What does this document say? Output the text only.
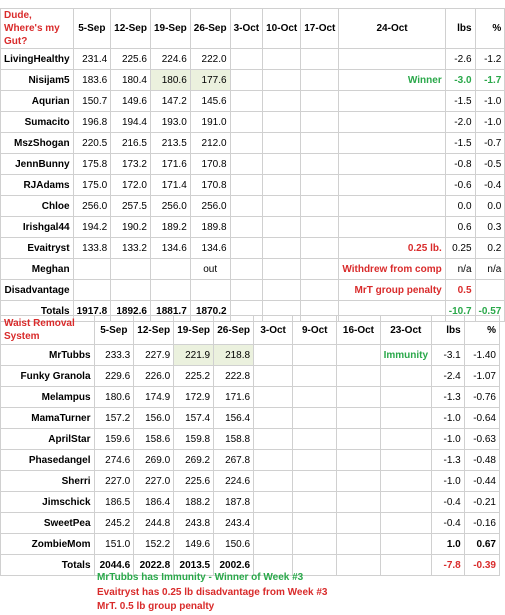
Dude, Where's my Gut?	5-Sep	12-Sep	19-Sep	26-Sep	3-Oct	10-Oct	17-Oct	24-Oct	lbs	%
LivingHealthy	231.4	225.6	224.6	222.0					-2.6	-1.2
Nisijam5	183.6	180.4	180.6	177.6				Winner	-3.0	-1.7
Aqurian	150.7	149.6	147.2	145.6					-1.5	-1.0
Sumacito	196.8	194.4	193.0	191.0					-2.0	-1.0
MszShogan	220.5	216.5	213.5	212.0					-1.5	-0.7
JennBunny	175.8	173.2	171.6	170.8					-0.8	-0.5
RJAdams	175.0	172.0	171.4	170.8					-0.6	-0.4
Chloe	256.0	257.5	256.0	256.0					0.0	0.0
Irishgal44	194.2	190.2	189.2	189.8					0.6	0.3
Evaitryst	133.8	133.2	134.6	134.6				0.25 lb.	0.25	0.2
Meghan				out				Withdrew from comp	n/a	n/a
Disadvantage								MrT group penalty	0.5	
Totals	1917.8	1892.6	1881.7	1870.2					-10.7	-0.57
Waist Removal System	5-Sep	12-Sep	19-Sep	26-Sep	3-Oct	9-Oct	16-Oct	23-Oct	lbs	%
MrTubbs	233.3	227.9	221.9	218.8				Immunity	-3.1	-1.40
Funky Granola	229.6	226.0	225.2	222.8					-2.4	-1.07
Melampus	180.6	174.9	172.9	171.6					-1.3	-0.76
MamaTurner	157.2	156.0	157.4	156.4					-1.0	-0.64
AprilStar	159.6	158.6	159.8	158.8					-1.0	-0.63
Phasedangel	274.6	269.0	269.2	267.8					-1.3	-0.48
Sherri	227.0	227.0	225.6	224.6					-1.0	-0.44
Jimschick	186.5	186.4	188.2	187.8					-0.4	-0.21
SweetPea	245.2	244.8	243.8	243.4					-0.4	-0.16
ZombieMom	151.0	152.2	149.6	150.6					1.0	0.67
Totals	2044.6	2022.8	2013.5	2002.6					-7.8	-0.39
MrTubbs has Immunity - Winner of Week #3
Evaitryst has 0.25 lb disadvantage from Week #3
MrT. 0.5 lb group penalty
